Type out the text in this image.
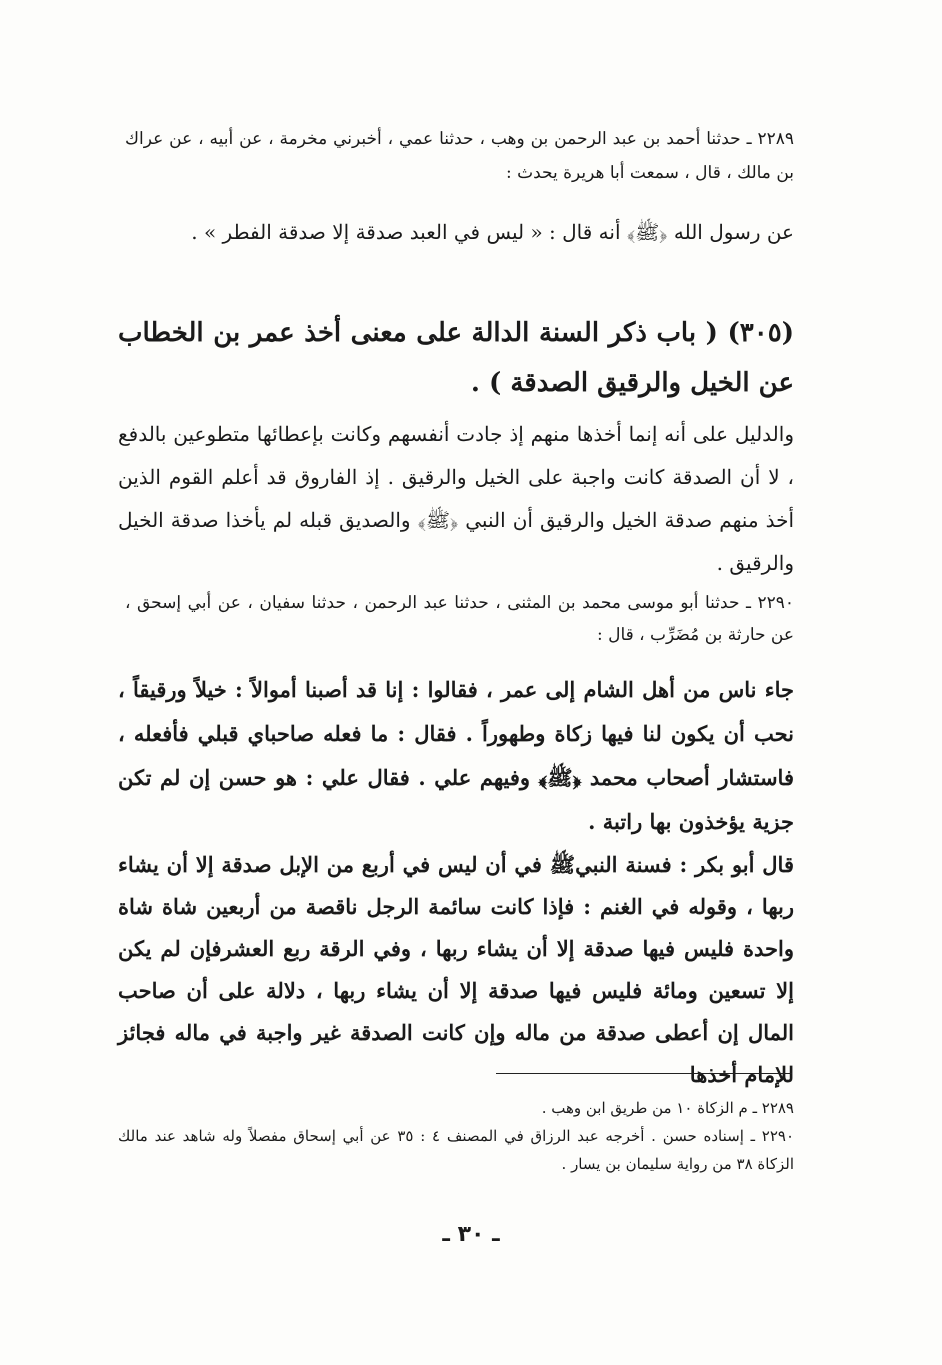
٢٢٨٩ ـ حدثنا أحمد بن عبد الرحمن بن وهب ، حدثنا عمي ، أخبرني مخرمة ، عن أبيه ، عن عراك بن مالك ، قال ، سمعت أبا هريرة يحدث :

عن رسول الله ﴿ﷺ﴾ أنه قال : « ليس في العبد صدقة إلا صدقة الفطر » .

(٣٠٥) ( باب ذكر السنة الدالة على معنى أخذ عمر بن الخطاب عن الخيل والرقيق الصدقة ) .

والدليل على أنه إنما أخذها منهم إذ جادت أنفسهم وكانت بإعطائها متطوعين بالدفع ، لا أن الصدقة كانت واجبة على الخيل والرقيق . إذ الفاروق قد أعلم القوم الذين أخذ منهم صدقة الخيل والرقيق أن النبي ﴿ﷺ﴾ والصديق قبله لم يأخذا صدقة الخيل والرقيق .

٢٢٩٠ ـ حدثنا أبو موسى محمد بن المثنى ، حدثنا عبد الرحمن ، حدثنا سفيان ، عن أبي إسحق ، عن حارثة بن مُضَرِّب ، قال :

جاء ناس من أهل الشام إلى عمر ، فقالوا : إنا قد أصبنا أموالاً : خيلاً ورقيقاً ، نحب أن يكون لنا فيها زكاة وطهوراً . فقال : ما فعله صاحباي قبلي فأفعله ، فاستشار أصحاب محمد ﴿ﷺ﴾ وفيهم علي . فقال علي : هو حسن إن لم تكن جزية يؤخذون بها راتبة .

قال أبو بكر : فسنة النبيﷺ في أن ليس في أربع من الإبل صدقة إلا أن يشاء ربها ، وقوله في الغنم : فإذا كانت سائمة الرجل ناقصة من أربعين شاة شاة واحدة فليس فيها صدقة إلا أن يشاء ربها ، وفي الرقة ربع العشرفإن لم يكن إلا تسعين ومائة فليس فيها صدقة إلا أن يشاء ربها ، دلالة على أن صاحب المال إن أعطى صدقة من ماله وإن كانت الصدقة غير واجبة في ماله فجائز للإمام أخذها

٢٢٨٩ ـ م الزكاة ١٠ من طريق ابن وهب .

٢٢٩٠ ـ إسناده حسن . أخرجه عبد الرزاق في المصنف ٤ : ٣٥ عن أبي إسحاق مفصلاً وله شاهد عند مالك الزكاة ٣٨ من رواية سليمان بن يسار .

ـ ٣٠ ـ
